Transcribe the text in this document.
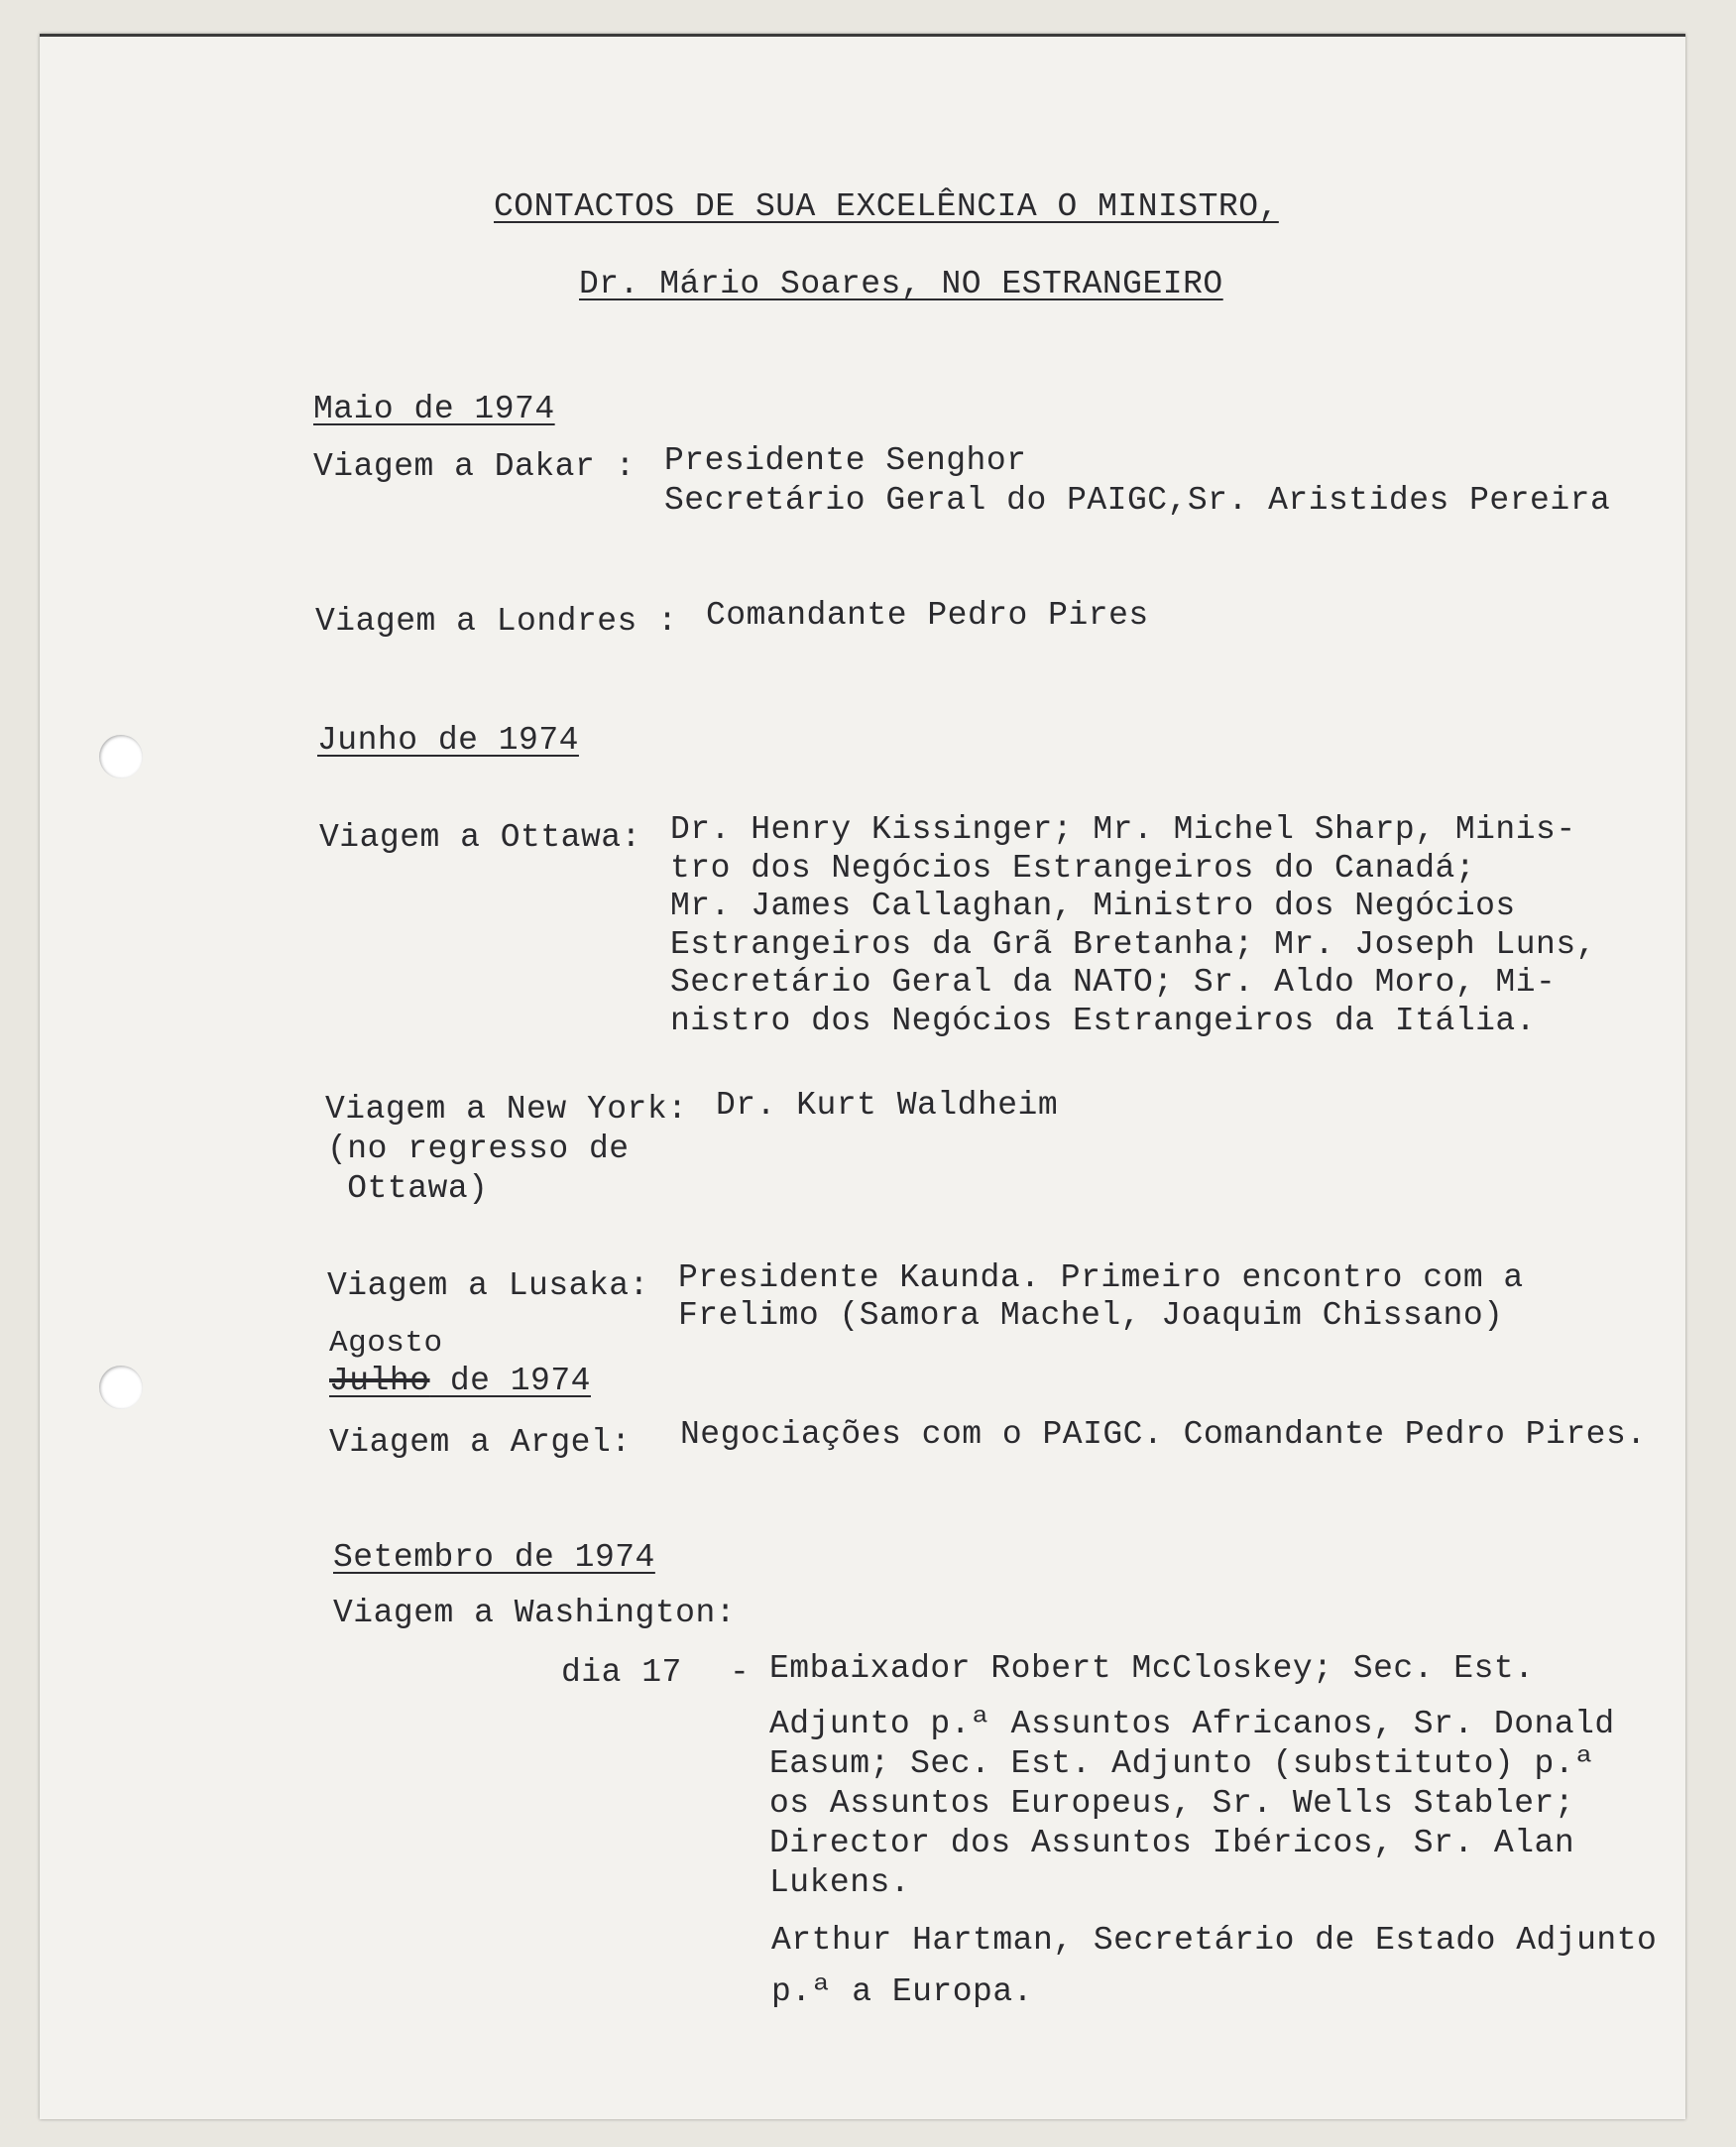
CONTACTOS DE SUA EXCELÊNCIA O MINISTRO,
Dr. Mário Soares, NO ESTRANGEIRO
Maio de 1974
Viagem a Dakar : Presidente Senghor
Secretário Geral do PAIGC,Sr. Aristides Pereira
Viagem a Londres : Comandante Pedro Pires
Junho de 1974
Viagem a Ottawa: Dr. Henry Kissinger; Mr. Michel Sharp, Minis-
tro dos Negócios Estrangeiros do Canadá;
Mr. James Callaghan, Ministro dos Negócios
Estrangeiros da Grã Bretanha; Mr. Joseph Luns,
Secretário Geral da NATO; Sr. Aldo Moro, Mi-
nistro dos Negócios Estrangeiros da Itália.
Viagem a New York:
(no regresso de
Ottawa)
Dr. Kurt Waldheim
Viagem a Lusaka: Presidente Kaunda. Primeiro encontro com a
Frelimo (Samora Machel, Joaquim Chissano)
Agosto
Julho de 1974
Viagem a Argel: Negociações com o PAIGC. Comandante Pedro Pires.
Setembro de 1974
Viagem a Washington:
dia 17 - Embaixador Robert McCloskey; Sec. Est.
Adjunto p.ª Assuntos Africanos, Sr. Donald
Easum; Sec. Est. Adjunto (substituto) p.ª
os Assuntos Europeus, Sr. Wells Stabler;
Director dos Assuntos Ibéricos, Sr. Alan
Lukens.
Arthur Hartman, Secretário de Estado Adjunto
p.ª a Europa.
